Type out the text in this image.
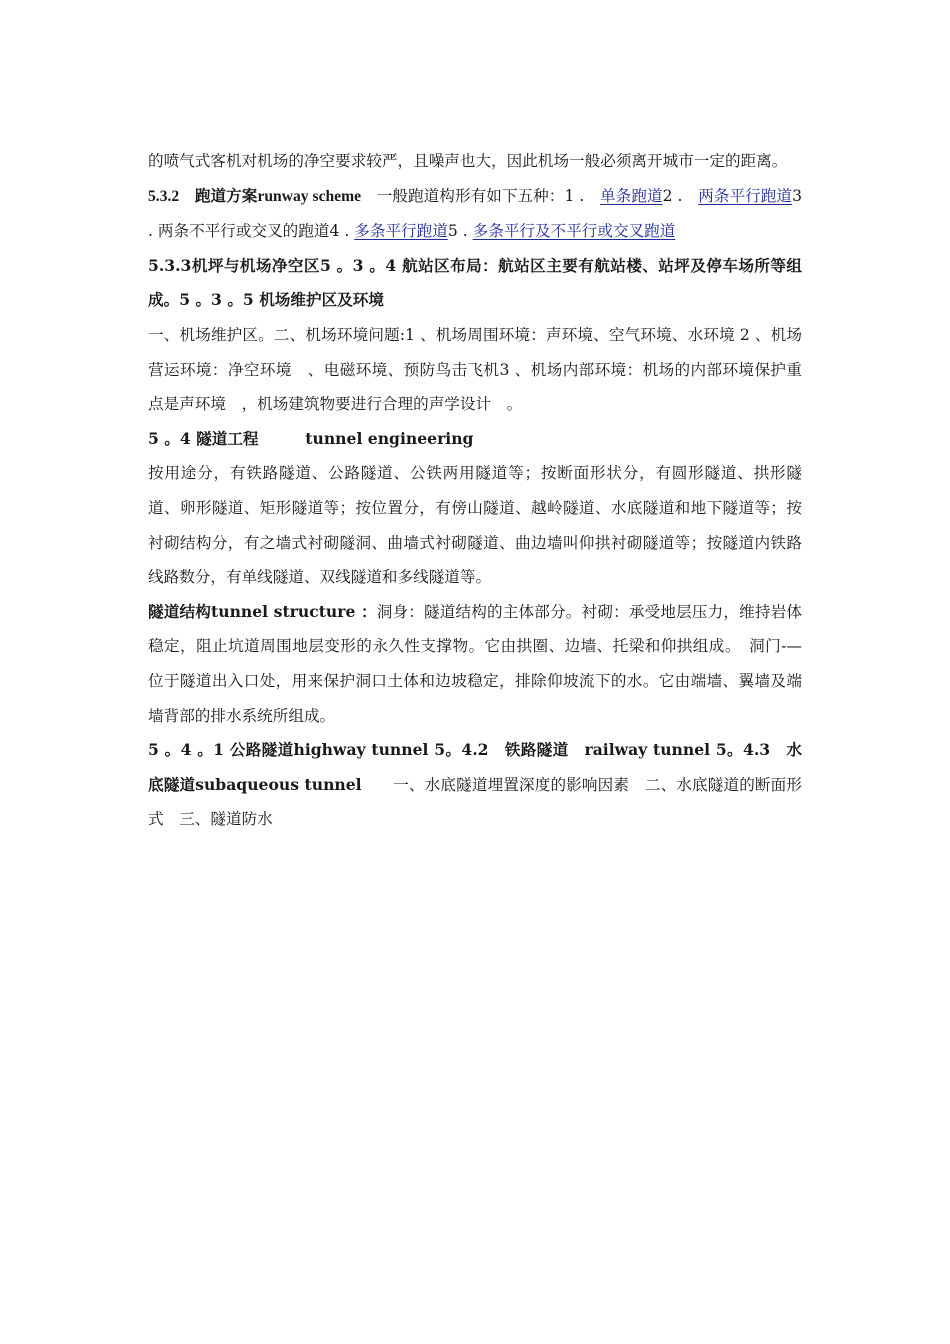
的喷气式客机对机场的净空要求较严，且噪声也大，因此机场一般必须离开城市一定的距离。

5.3.2　跑道方案runway scheme　一般跑道构形有如下五种：1 .　单条跑道2 .　两条平行跑道3 . 两条不平行或交叉的跑道4 . 多条平行跑道5 . 多条平行及不平行或交叉跑道

5.3.3机坪与机场净空区5 。3 。4 航站区布局：航站区主要有航站楼、站坪及停车场所等组成。5 。3 。5 机场维护区及环境

一、机场维护区。二、机场环境问题:1 、机场周围环境：声环境、空气环境、水环境 2 、机场营运环境：净空环境　、电磁环境、预防鸟击飞机3 、机场内部环境：机场的内部环境保护重点是声环境　，机场建筑物要进行合理的声学设计　。

5 。4 隧道工程　　　tunnel engineering

按用途分，有铁路隧道、公路隧道、公铁两用隧道等；按断面形状分，有圆形隧道、拱形隧道、卵形隧道、矩形隧道等；按位置分，有傍山隧道、越岭隧道、水底隧道和地下隧道等；按衬砌结构分，有之墙式衬砌隧洞、曲墙式衬砌隧道、曲边墙叫仰拱衬砌隧道等；按隧道内铁路线路数分，有单线隧道、双线隧道和多线隧道等。

隧道结构tunnel structure ：洞身：隧道结构的主体部分。衬砌：承受地层压力，维持岩体稳定，阻止坑道周围地层变形的永久性支撑物。它由拱圈、边墙、托梁和仰拱组成。　洞门-— 位于隧道出入口处，用来保护洞口土体和边坡稳定，排除仰坡流下的水。它由端墙、翼墙及端墙背部的排水系统所组成。

5 。4 。1 公路隧道highway tunnel 5。4.2　铁路隧道　railway tunnel 5。4.3　水底隧道subaqueous tunnel　　一、水底隧道埋置深度的影响因素　二、水底隧道的断面形式　三、隧道防水
